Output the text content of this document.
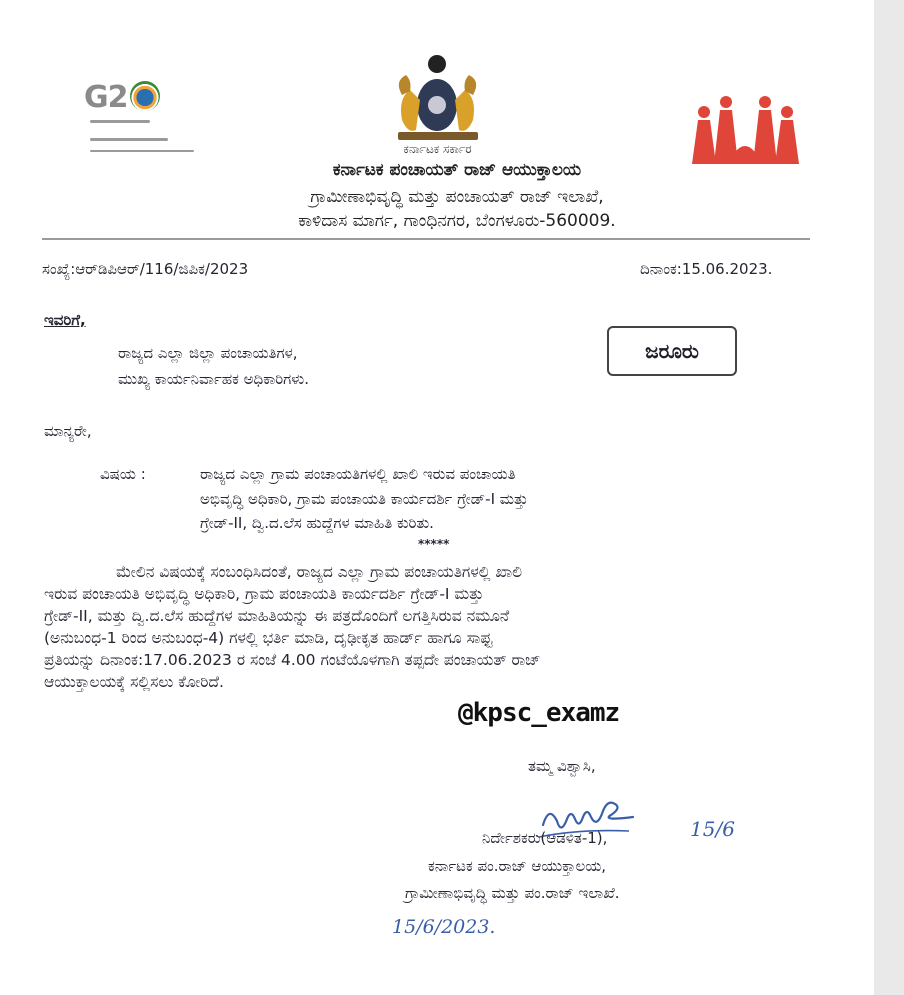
G2
ಕರ್ನಾಟಕ ಸರ್ಕಾರ
ಕರ್ನಾಟಕ ಪಂಚಾಯತ್ ರಾಜ್ ಆಯುಕ್ತಾಲಯ
ಗ್ರಾಮೀಣಾಭಿವೃದ್ಧಿ ಮತ್ತು ಪಂಚಾಯತ್ ರಾಜ್ ಇಲಾಖೆ,
ಕಾಳಿದಾಸ ಮಾರ್ಗ, ಗಾಂಧಿನಗರ, ಬೆಂಗಳೂರು-560009.
ಸಂಖ್ಯೆ:ಆರ್‌ಡಿಪಿಆರ್/116/ಜಿಪಿಕ/2023	ದಿನಾಂಕ:15.06.2023.
ಇವರಿಗೆ,
ರಾಜ್ಯದ ಎಲ್ಲಾ ಜಿಲ್ಲಾ ಪಂಚಾಯತಿಗಳ,
ಮುಖ್ಯ ಕಾರ್ಯನಿರ್ವಾಹಕ ಅಧಿಕಾರಿಗಳು.
ಜರೂರು
ಮಾನ್ಯರೇ,
ವಿಷಯ :	ರಾಜ್ಯದ ಎಲ್ಲಾ ಗ್ರಾಮ ಪಂಚಾಯತಿಗಳಲ್ಲಿ ಖಾಲಿ ಇರುವ ಪಂಚಾಯತಿ
ಅಭಿವೃದ್ಧಿ ಅಧಿಕಾರಿ, ಗ್ರಾಮ ಪಂಚಾಯತಿ ಕಾರ್ಯದರ್ಶಿ ಗ್ರೇಡ್-I ಮತ್ತು
ಗ್ರೇಡ್-II, ದ್ವಿ.ದ.ಲೆಸ ಹುದ್ದೆಗಳ ಮಾಹಿತಿ ಕುರಿತು.
*****
ಮೇಲಿನ ವಿಷಯಕ್ಕೆ ಸಂಬಂಧಿಸಿದಂತೆ, ರಾಜ್ಯದ ಎಲ್ಲಾ ಗ್ರಾಮ ಪಂಚಾಯತಿಗಳಲ್ಲಿ ಖಾಲಿ
ಇರುವ ಪಂಚಾಯತಿ ಅಭಿವೃದ್ಧಿ ಅಧಿಕಾರಿ, ಗ್ರಾಮ ಪಂಚಾಯತಿ ಕಾರ್ಯದರ್ಶಿ ಗ್ರೇಡ್-I ಮತ್ತು
ಗ್ರೇಡ್-II, ಮತ್ತು ದ್ವಿ.ದ.ಲೆಸ ಹುದ್ದೆಗಳ ಮಾಹಿತಿಯನ್ನು ಈ ಪತ್ರದೊಂದಿಗೆ ಲಗತ್ತಿಸಿರುವ ನಮೂನೆ
(ಅನುಬಂಧ-1 ರಿಂದ ಅನುಬಂಧ-4) ಗಳಲ್ಲಿ ಭರ್ತಿ ಮಾಡಿ, ದೃಢೀಕೃತ ಹಾರ್ಡ್ ಹಾಗೂ ಸಾಫ್ಟ
ಪ್ರತಿಯನ್ನು ದಿನಾಂಕ:17.06.2023 ರ ಸಂಜೆ 4.00 ಗಂಟೆಯೊಳಗಾಗಿ ತಪ್ಪದೇ ಪಂಚಾಯತ್ ರಾಜ್
ಆಯುಕ್ತಾಲಯಕ್ಕೆ ಸಲ್ಲಿಸಲು ಕೋರಿದೆ.
@kpsc_examz
ತಮ್ಮ ವಿಶ್ವಾಸಿ,
15/6
ನಿರ್ದೇಶಕರು(ಆಡಳಿತ-1),
ಕರ್ನಾಟಕ ಪಂ.ರಾಜ್ ಆಯುಕ್ತಾಲಯ,
ಗ್ರಾಮೀಣಾಭಿವೃದ್ಧಿ ಮತ್ತು ಪಂ.ರಾಜ್ ಇಲಾಖೆ.
15/6/2023.
